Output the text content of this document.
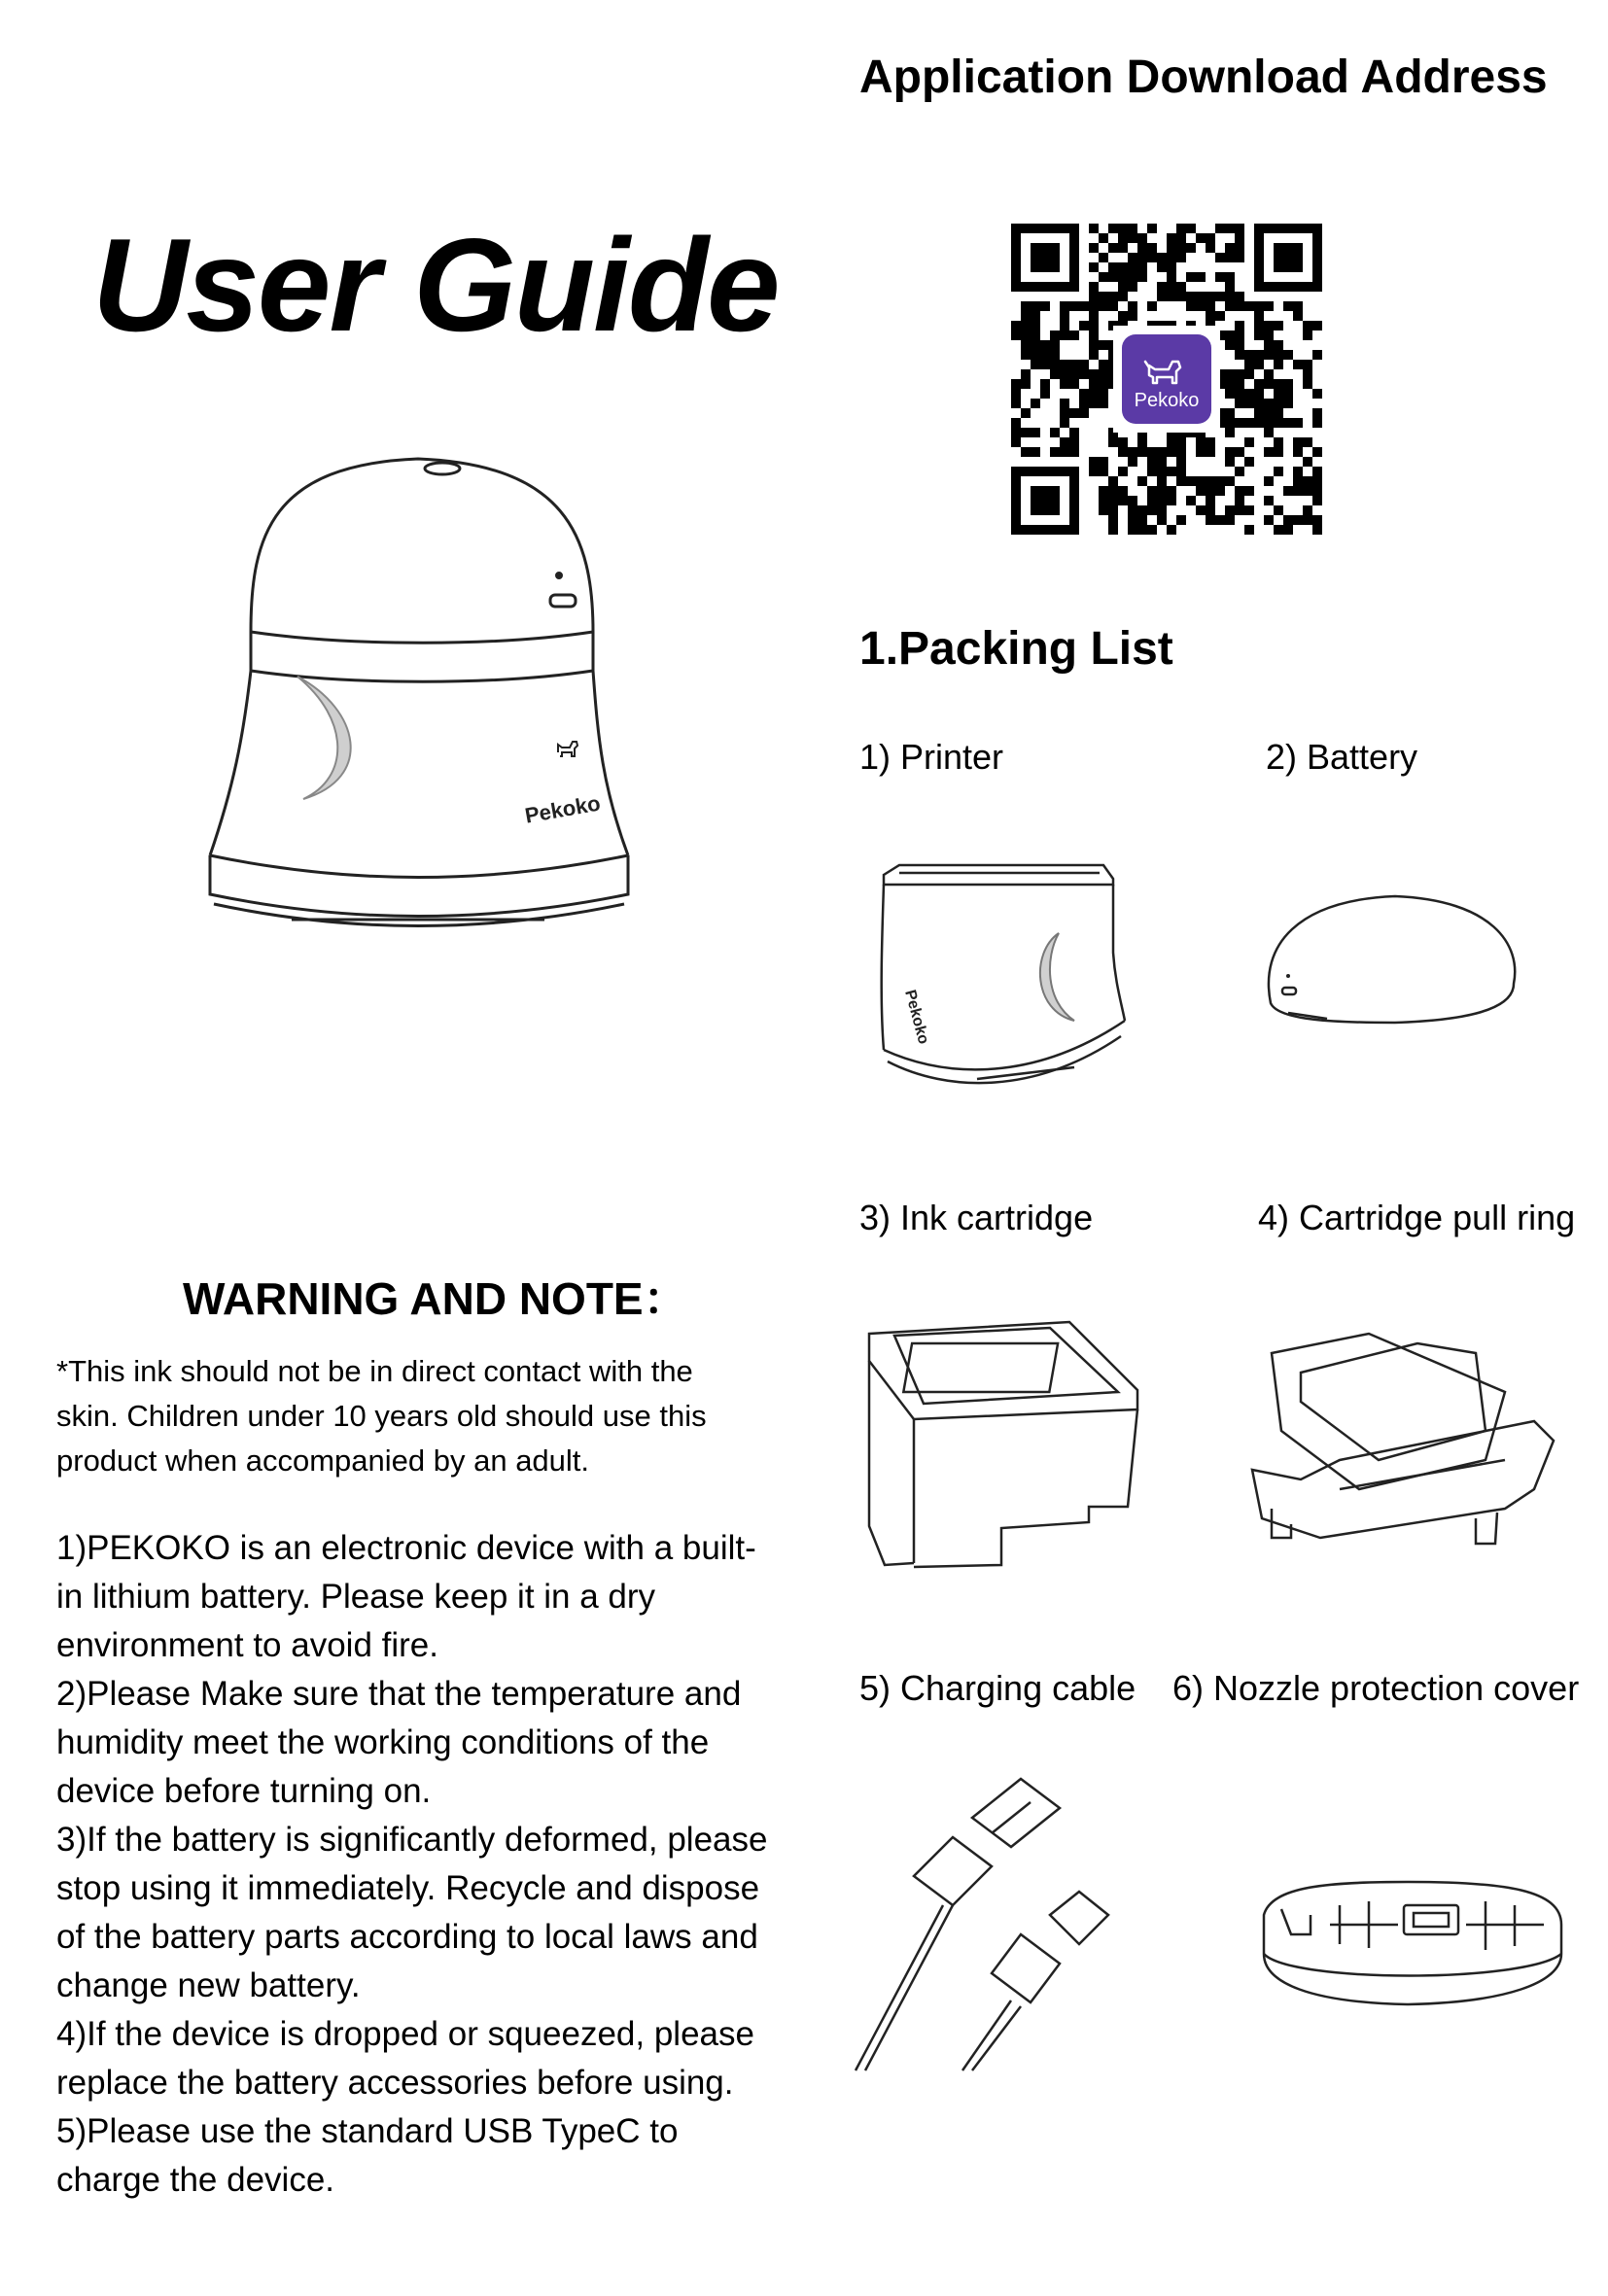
Application Download Address
User Guide
Pekoko
Pekoko
1.Packing List
1) Printer	2) Battery
3) Ink cartridge	4) Cartridge pull ring
5) Charging cable 6) Nozzle protection cover
Pekoko
WARNING AND NOTE：
*This ink should not be in direct contact with the skin. Children under 10 years old should use this product when accompanied by an adult.

1)PEKOKO is an electronic device with a built-in lithium battery. Please keep it in a dry environment to avoid fire.

2)Please Make sure that the temperature and humidity meet the working conditions of the device before turning on.

3)If the battery is significantly deformed, please stop using it immediately. Recycle and dispose of the battery parts according to local laws and change new battery.

4)If the device is dropped or squeezed, please replace the battery accessories before using.

5)Please use the standard USB TypeC to charge the device.
